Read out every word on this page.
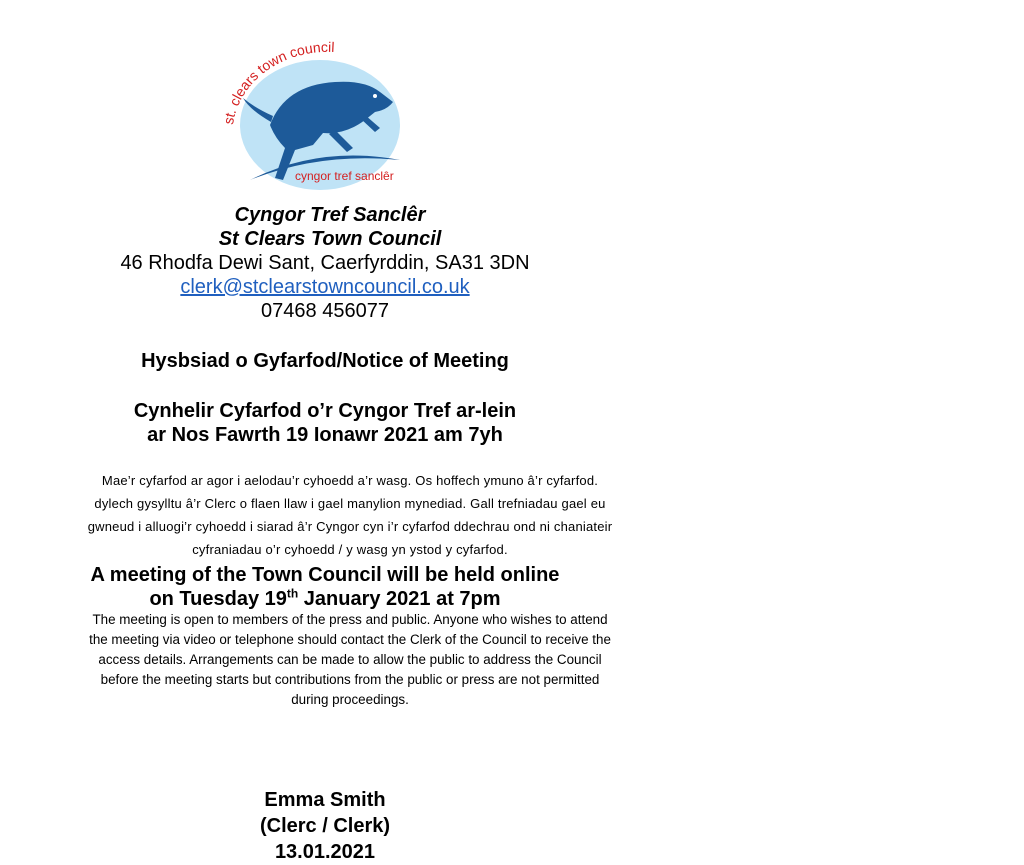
st. clears town council
cyngor tref sanclêr
Cyngor Tref Sanclêr
St Clears Town Council
46 Rhodfa Dewi Sant, Caerfyrddin, SA31 3DN
clerk@stclearstowncouncil.co.uk
07468 456077
Hysbsiad o Gyfarfod/Notice of Meeting
Cynhelir Cyfarfod o’r Cyngor Tref ar-lein
ar Nos Fawrth 19 Ionawr 2021 am 7yh
Mae’r cyfarfod ar agor i aelodau’r cyhoedd a’r wasg. Os hoffech ymuno â’r cyfarfod.
dylech gysylltu â’r Clerc o flaen llaw i gael manylion mynediad. Gall trefniadau gael eu
gwneud i alluogi’r cyhoedd i siarad â’r Cyngor cyn i’r cyfarfod ddechrau ond ni chaniateir
cyfraniadau o’r cyhoedd / y wasg yn ystod y cyfarfod.
A meeting of the Town Council will be held online
on Tuesday 19th January 2021 at 7pm
The meeting is open to members of the press and public. Anyone who wishes to attend
the meeting via video or telephone should contact the Clerk of the Council to receive the
access details. Arrangements can be made to allow the public to address the Council
before the meeting starts but contributions from the public or press are not permitted
during proceedings.
Emma Smith
(Clerc / Clerk)
13.01.2021
